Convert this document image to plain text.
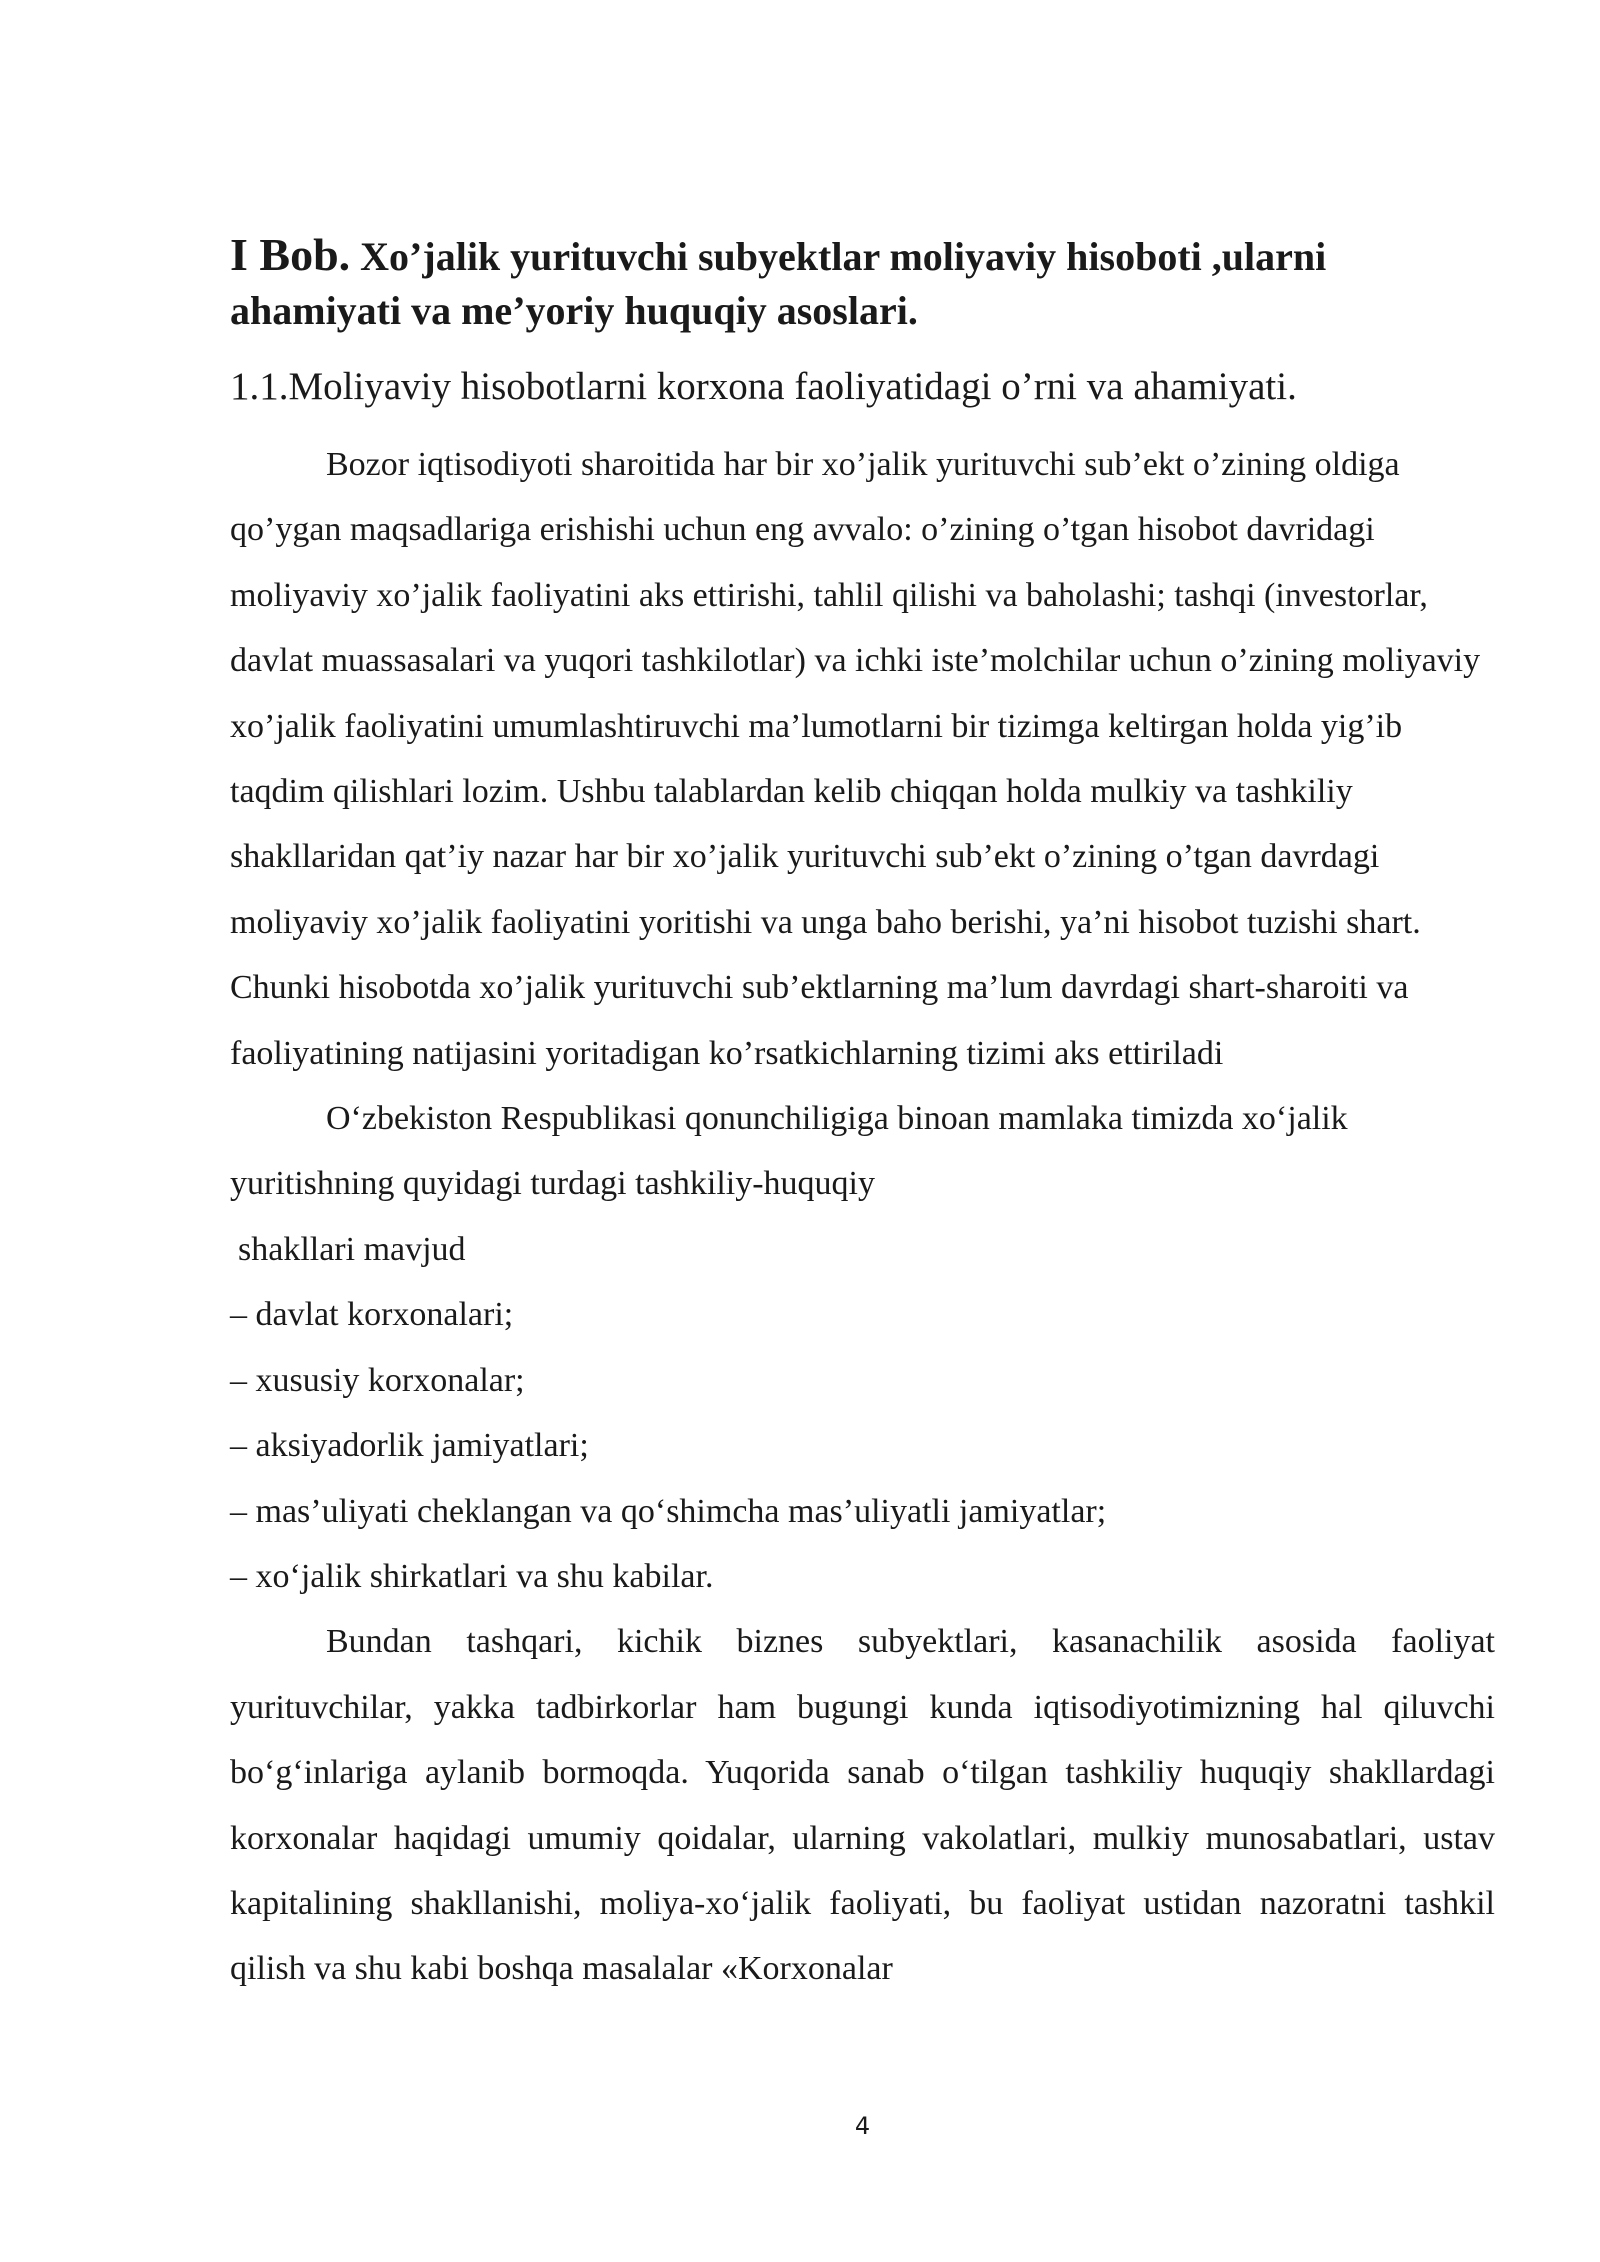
I Bob. Xo’jalik yurituvchi subyektlar moliyaviy hisoboti ,ularni
ahamiyati va me’yoriy huquqiy asoslari.
1.1.Moliyaviy hisobotlarni korxona faoliyatidagi o’rni va ahamiyati.

Bozor iqtisodiyoti sharoitida har bir xo’jalik yurituvchi sub’ekt o’zining oldiga qo’ygan maqsadlariga erishishi uchun eng avvalo: o’zining o’tgan hisobot davridagi moliyaviy xo’jalik faoliyatini aks ettirishi, tahlil qilishi va baholashi; tashqi (investorlar, davlat muassasalari va yuqori tashkilotlar) va ichki iste’molchilar uchun o’zining moliyaviy xo’jalik faoliyatini umumlashtiruvchi ma’lumotlarni bir tizimga keltirgan holda yig’ib taqdim qilishlari lozim. Ushbu talablardan kelib chiqqan holda mulkiy va tashkiliy shakllaridan qat’iy nazar har bir xo’jalik yurituvchi sub’ekt o’zining o’tgan davrdagi moliyaviy xo’jalik faoliyatini yoritishi va unga baho berishi, ya’ni hisobot tuzishi shart. Chunki hisobotda xo’jalik yurituvchi sub’ektlarning ma’lum davrdagi shart-sharoiti va faoliyatining natijasini yoritadigan ko’rsatkichlarning tizimi aks ettiriladi

O‘zbekiston Respublikasi qonunchiligiga binoan mamlaka timizda xo‘jalik yuritishning quyidagi turdagi tashkiliy-huquqiy

shakllari mavjud

– davlat korxonalari;
– xususiy korxonalar;
– aksiyadorlik jamiyatlari;
– mas’uliyati cheklangan va qo‘shimcha mas’uliyatli jamiyatlar;
– xo‘jalik shirkatlari va shu kabilar.

Bundan tashqari, kichik biznes subyektlari, kasanachilik asosida faoliyat yurituvchilar, yakka tadbirkorlar ham bugungi kunda iqtisodiyotimizning hal qiluvchi bo‘g‘inlariga aylanib bormoqda. Yuqorida sanab o‘tilgan tashkiliy huquqiy shakllardagi korxonalar haqidagi umumiy qoidalar, ularning vakolatlari, mulkiy munosabatlari, ustav kapitalining shakllanishi, moliya-xo‘jalik faoliyati, bu faoliyat ustidan nazoratni tashkil qilish va shu kabi boshqa masalalar «Korxonalar

4
